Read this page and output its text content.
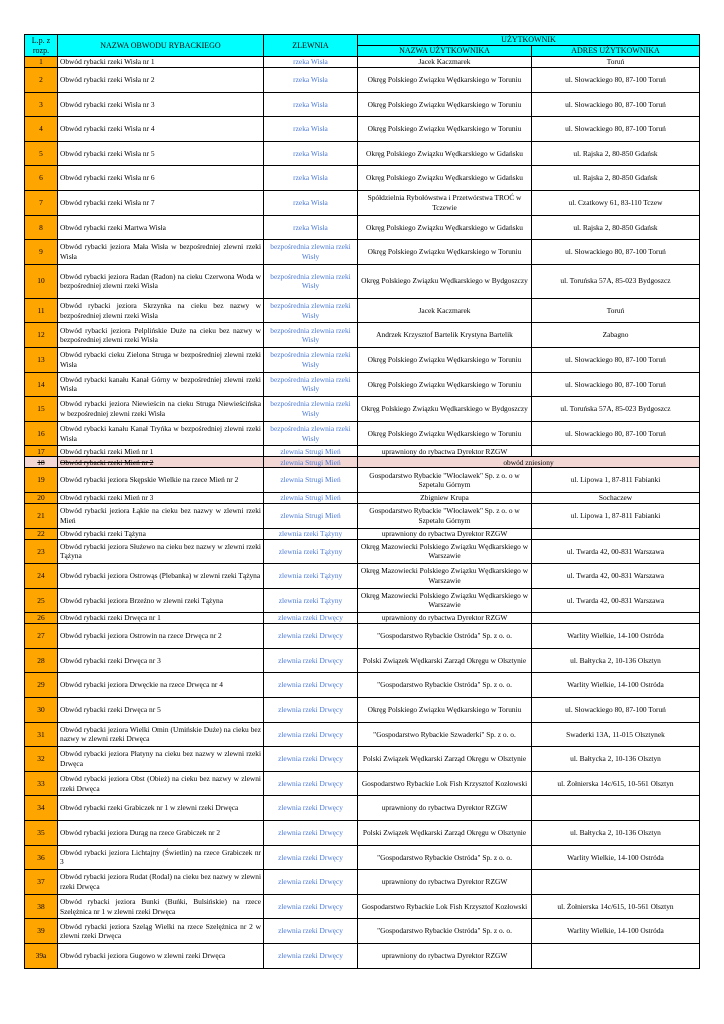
L.p. z rozp.	NAZWA OBWODU RYBACKIEGO	ZLEWNIA	UŻYTKOWNIK	
			NAZWA UŻYTKOWNIKA	ADRES UŻYTKOWNIKA
1	Obwód rybacki rzeki Wisła nr 1	rzeka Wisła	Jacek Kaczmarek	Toruń
2	Obwód rybacki rzeki Wisła nr 2	rzeka Wisła	Okręg Polskiego Związku Wędkarskiego w Toruniu	ul. Słowackiego 80, 87-100 Toruń
3	Obwód rybacki rzeki Wisła nr 3	rzeka Wisła	Okręg Polskiego Związku Wędkarskiego w Toruniu	ul. Słowackiego 80, 87-100 Toruń
4	Obwód rybacki rzeki Wisła nr 4	rzeka Wisła	Okręg Polskiego Związku Wędkarskiego w Toruniu	ul. Słowackiego 80, 87-100 Toruń
5	Obwód rybacki rzeki Wisła nr 5	rzeka Wisła	Okręg Polskiego Związku Wędkarskiego w Gdańsku	ul. Rajska 2, 80-850 Gdańsk
6	Obwód rybacki rzeki Wisła nr 6	rzeka Wisła	Okręg Polskiego Związku Wędkarskiego w Gdańsku	ul. Rajska 2, 80-850 Gdańsk
7	Obwód rybacki rzeki Wisła nr 7	rzeka Wisła	Spółdzielnia Rybołówstwa i Przetwórstwa TROĆ w Tczewie	ul. Czatkowy 61, 83-110 Tczew
8	Obwód rybacki rzeki Martwa Wisła	rzeka Wisła	Okręg Polskiego Związku Wędkarskiego w Gdańsku	ul. Rajska 2, 80-850 Gdańsk
9	Obwód rybacki jeziora Mała Wisła w bezpośredniej zlewni rzeki Wisła	bezpośrednia zlewnia rzeki Wisły	Okręg Polskiego Związku Wędkarskiego w Toruniu	ul. Słowackiego 80, 87-100 Toruń
10	Obwód rybacki jeziora Radan (Radon) na cieku Czerwona Woda w bezpośredniej zlewni rzeki Wisła	bezpośrednia zlewnia rzeki Wisły	Okręg Polskiego Związku Wędkarskiego w Bydgoszczy	ul. Toruńska 57A, 85-023 Bydgoszcz
11	Obwód rybacki jeziora Skrzynka na cieku bez nazwy w bezpośredniej zlewni rzeki Wisła	bezpośrednia zlewnia rzeki Wisły	Jacek Kaczmarek	Toruń
12	Obwód rybacki jeziora Pelplińskie Duże na cieku bez nazwy w bezpośredniej zlewni rzeki Wisła	bezpośrednia zlewnia rzeki Wisły	Andrzek Krzysztof Bartelik Krystyna Bartelik	Zabagno
13	Obwód rybacki cieku Zielona Struga w bezpośredniej zlewni rzeki Wisła	bezpośrednia zlewnia rzeki Wisły	Okręg Polskiego Związku Wędkarskiego w Toruniu	ul. Słowackiego 80, 87-100 Toruń
14	Obwód rybacki kanału Kanał Górny w bezpośredniej zlewni rzeki Wisła	bezpośrednia zlewnia rzeki Wisły	Okręg Polskiego Związku Wędkarskiego w Toruniu	ul. Słowackiego 80, 87-100 Toruń
15	Obwód rybacki jeziora Niewieścin na cieku Struga Niewieścińska w bezpośredniej zlewni rzeki Wisła	bezpośrednia zlewnia rzeki Wisły	Okręg Polskiego Związku Wędkarskiego w Bydgoszczy	ul. Toruńska 57A, 85-023 Bydgoszcz
16	Obwód rybacki kanału Kanał Tryńka w bezpośredniej zlewni rzeki Wisła	bezpośrednia zlewnia rzeki Wisły	Okręg Polskiego Związku Wędkarskiego w Toruniu	ul. Słowackiego 80, 87-100 Toruń
17	Obwód rybacki rzeki Mień nr 1	zlewnia Strugi Mień	uprawniony do rybactwa Dyrektor RZGW	
18	Obwód rybacki rzeki Mień nr 2	zlewnia Strugi Mień	obwód zniesiony	
19	Obwód rybacki jeziora Skępskie Wielkie na rzece Mień nr 2	zlewnia Strugi Mień	Gospodarstwo Rybackie "Włocławek" Sp. z o. o w Szpetalu Górnym	ul. Lipowa 1, 87-811 Fabianki
20	Obwód rybacki rzeki Mień nr 3	zlewnia Strugi Mień	Zbigniew Krupa	Sochaczew
21	Obwód rybacki jeziora Łąkie na cieku bez nazwy w zlewni rzeki Mień	zlewnia Strugi Mień	Gospodarstwo Rybackie "Włocławek" Sp. z o. o w Szpetalu Górnym	ul. Lipowa 1, 87-811 Fabianki
22	Obwód rybacki rzeki Tążyna	zlewnia rzeki Tążyny	uprawniony do rybactwa Dyrektor RZGW	
23	Obwód rybacki jeziora Służewo na cieku bez nazwy w zlewni rzeki Tążyna	zlewnia rzeki Tążyny	Okręg Mazowiecki Polskiego Związku Wędkarskiego w Warszawie	ul. Twarda 42, 00-831 Warszawa
24	Obwód rybacki jeziora Ostrowąs (Plebanka) w zlewni rzeki Tążyna	zlewnia rzeki Tążyny	Okręg Mazowiecki Polskiego Związku Wędkarskiego w Warszawie	ul. Twarda 42, 00-831 Warszawa
25	Obwód rybacki jeziora Brzeźno w zlewni rzeki Tążyna	zlewnia rzeki Tążyny	Okręg Mazowiecki Polskiego Związku Wędkarskiego w Warszawie	ul. Twarda 42, 00-831 Warszawa
26	Obwód rybacki rzeki Drwęca nr 1	zlewnia rzeki Drwęcy	uprawniony do rybactwa Dyrektor RZGW	
27	Obwód rybacki jeziora Ostrowin na rzece Drwęca nr 2	zlewnia rzeki Drwęcy	"Gospodarstwo Rybackie Ostróda" Sp. z o. o.	Warlity Wielkie, 14-100 Ostróda
28	Obwód rybacki rzeki Drwęca nr 3	zlewnia rzeki Drwęcy	Polski Związek Wędkarski Zarząd Okręgu w Olsztynie	ul. Bałtycka 2, 10-136 Olsztyn
29	Obwód rybacki jeziora Drwęckie na rzece Drwęca nr 4	zlewnia rzeki Drwęcy	"Gospodarstwo Rybackie Ostróda" Sp. z o. o.	Warlity Wielkie, 14-100 Ostróda
30	Obwód rybacki rzeki Drwęca nr 5	zlewnia rzeki Drwęcy	Okręg Polskiego Związku Wędkarskiego w Toruniu	ul. Słowackiego 80, 87-100 Toruń
31	Obwód rybacki jeziora Wielki Omin (Umińskie Duże) na cieku bez nazwy w zlewni rzeki Drwęca	zlewnia rzeki Drwęcy	"Gospodarstwo Rybackie Szwaderki" Sp. z o. o.	Swaderki 13A, 11-015 Olsztynek
32	Obwód rybacki jeziora Płatyny na cieku bez nazwy w zlewni rzeki Drwęca	zlewnia rzeki Drwęcy	Polski Związek Wędkarski Zarząd Okręgu w Olsztynie	ul. Bałtycka 2, 10-136 Olsztyn
33	Obwód rybacki jeziora Obst (Obież) na cieku bez nazwy w zlewni rzeki Drwęca	zlewnia rzeki Drwęcy	Gospodarstwo Rybackie Lok Fish Krzysztof Kozłowski	ul. Żołnierska 14c/615, 10-561 Olsztyn
34	Obwód rybacki rzeki Grabiczek nr 1 w zlewni rzeki Drwęca	zlewnia rzeki Drwęcy	uprawniony do rybactwa Dyrektor RZGW	
35	Obwód rybacki jeziora Durąg na rzece Grabiczek nr 2	zlewnia rzeki Drwęcy	Polski Związek Wędkarski Zarząd Okręgu w Olsztynie	ul. Bałtycka 2, 10-136 Olsztyn
36	Obwód rybacki jeziora Lichtajny (Świetlin) na rzece Grabiczek nr 3	zlewnia rzeki Drwęcy	"Gospodarstwo Rybackie Ostróda" Sp. z o. o.	Warlity Wielkie, 14-100 Ostróda
37	Obwód rybacki jeziora Rudat (Rodal) na cieku bez nazwy w zlewni rzeki Drwęca	zlewnia rzeki Drwęcy	uprawniony do rybactwa Dyrektor RZGW	
38	Obwód rybacki jeziora Bunki (Buńki, Bulsińskie) na rzece Szelężnica nr 1 w zlewni rzeki Drwęca	zlewnia rzeki Drwęcy	Gospodarstwo Rybackie Lok Fish Krzysztof Kozłowski	ul. Żołnierska 14c/615, 10-561 Olsztyn
39	Obwód rybacki jeziora Szeląg Wielki na rzece Szelężnica nr 2 w zlewni rzeki Drwęca	zlewnia rzeki Drwęcy	"Gospodarstwo Rybackie Ostróda" Sp. z o. o.	Warlity Wielkie, 14-100 Ostróda
39a	Obwód rybacki jeziora Gugowo w zlewni rzeki Drwęca	zlewnia rzeki Drwęcy	uprawniony do rybactwa Dyrektor RZGW	
